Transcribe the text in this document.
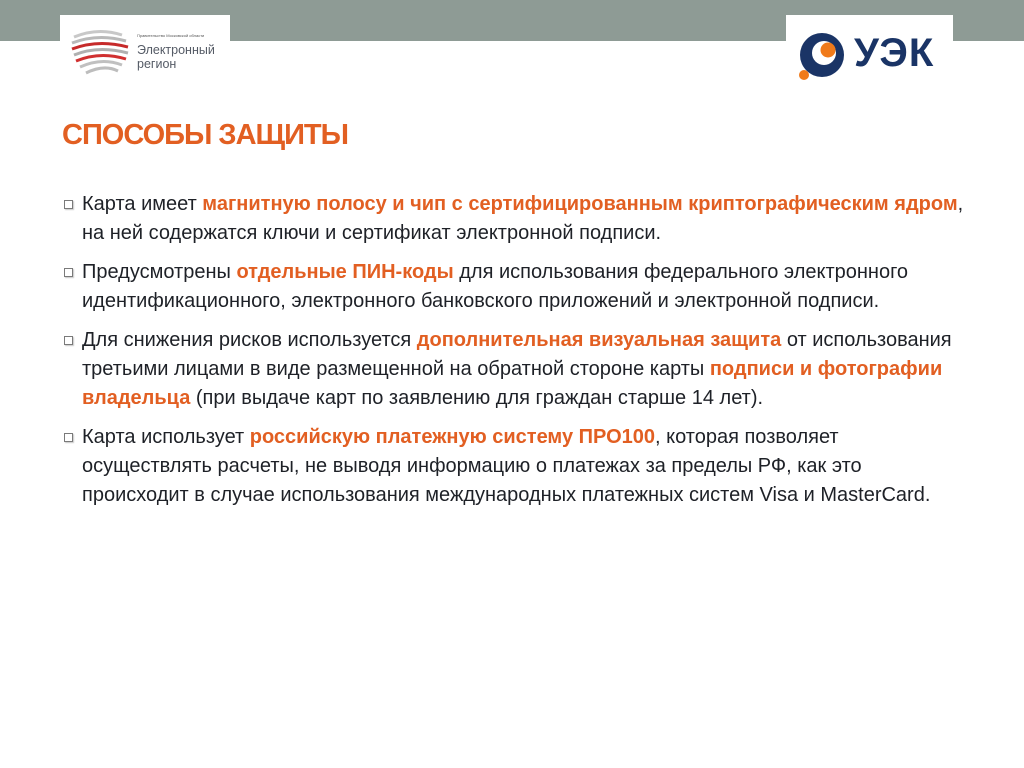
Правительство Московской области
Электронный
регион	УЭК
СПОСОБЫ ЗАЩИТЫ
Карта имеет магнитную полосу и чип с сертифицированным криптографическим ядром, на ней содержатся ключи и сертификат электронной подписи.
Предусмотрены отдельные ПИН-коды для использования федерального электронного идентификационного, электронного банковского приложений и электронной подписи.
Для снижения рисков используется дополнительная визуальная защита от использования третьими лицами в виде размещенной на обратной стороне карты подписи и фотографии владельца (при выдаче карт по заявлению для граждан старше 14 лет).
Карта использует российскую платежную систему ПРО100, которая позволяет осуществлять расчеты, не выводя информацию о платежах за пределы РФ, как это происходит в случае использования международных платежных систем Visa и MasterCard.
